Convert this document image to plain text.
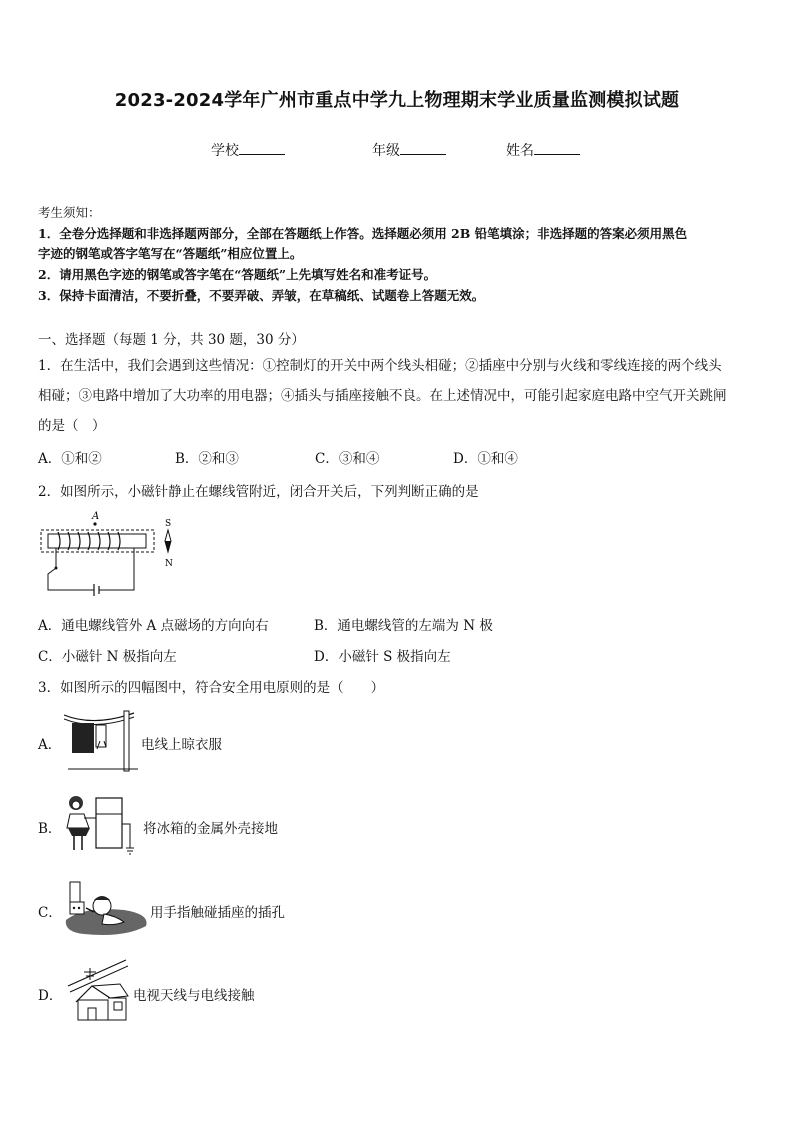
2023-2024学年广州市重点中学九上物理期末学业质量监测模拟试题
学校	年级	姓名
考生须知：
1．全卷分选择题和非选择题两部分，全部在答题纸上作答。选择题必须用 2B 铅笔填涂；非选择题的答案必须用黑色
字迹的钢笔或答字笔写在“答题纸”相应位置上。
2．请用黑色字迹的钢笔或答字笔在“答题纸”上先填写姓名和准考证号。
3．保持卡面清洁，不要折叠，不要弄破、弄皱，在草稿纸、试题卷上答题无效。
一、选择题（每题 1 分，共 30 题，30 分）
1．在生活中，我们会遇到这些情况：①控制灯的开关中两个线头相碰；②插座中分别与火线和零线连接的两个线头
相碰；③电路中增加了大功率的用电器；④插头与插座接触不良。在上述情况中，可能引起家庭电路中空气开关跳闸
的是（　）
A．①和②	B．②和③	C．③和④	D．①和④
2．如图所示，小磁针静止在螺线管附近，闭合开关后，下列判断正确的是
A
S
N
A．通电螺线管外 A 点磁场的方向向右	B．通电螺线管的左端为 N 极
C．小磁针 N 极指向左	D．小磁针 S 极指向左
3．如图所示的四幅图中，符合安全用电原则的是（　　）
A．	电线上晾衣服
B．	将冰箱的金属外壳接地
C．	用手指触碰插座的插孔
D．	电视天线与电线接触
